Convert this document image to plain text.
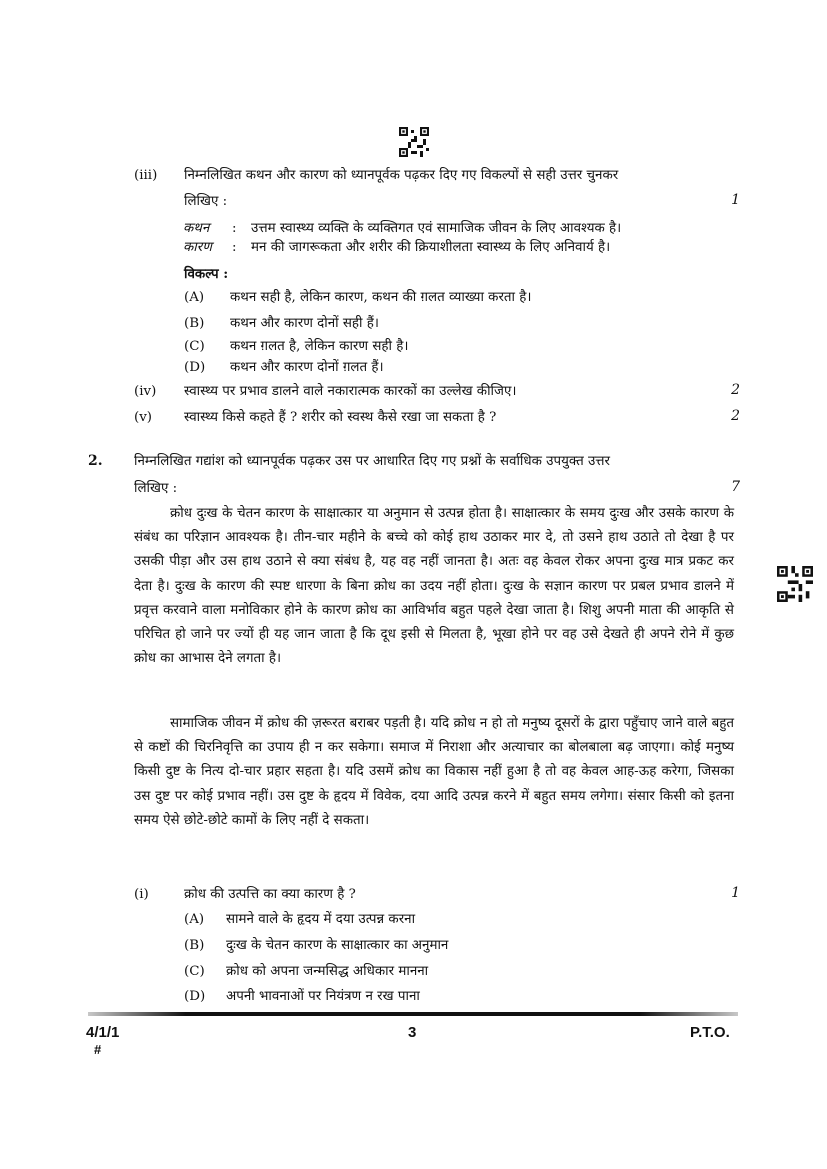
(iii) निम्नलिखित कथन और कारण को ध्यानपूर्वक पढ़कर दिए गए विकल्पों से सही उत्तर चुनकर
लिखिए :	1
कथन : उत्तम स्वास्थ्य व्यक्ति के व्यक्तिगत एवं सामाजिक जीवन के लिए आवश्यक है।
कारण : मन की जागरूकता और शरीर की क्रियाशीलता स्वास्थ्य के लिए अनिवार्य है।
विकल्प :
(A) कथन सही है, लेकिन कारण, कथन की ग़लत व्याख्या करता है।
(B) कथन और कारण दोनों सही हैं।
(C) कथन ग़लत है, लेकिन कारण सही है।
(D) कथन और कारण दोनों ग़लत हैं।
(iv) स्वास्थ्य पर प्रभाव डालने वाले नकारात्मक कारकों का उल्लेख कीजिए।	2
(v) स्वास्थ्य किसे कहते हैं ? शरीर को स्वस्थ कैसे रखा जा सकता है ?	2
2. निम्नलिखित गद्यांश को ध्यानपूर्वक पढ़कर उस पर आधारित दिए गए प्रश्नों के सर्वाधिक उपयुक्त उत्तर
लिखिए :	7

क्रोध दुःख के चेतन कारण के साक्षात्कार या अनुमान से उत्पन्न होता है। साक्षात्कार के समय दुःख और उसके कारण के संबंध का परिज्ञान आवश्यक है। तीन-चार महीने के बच्चे को कोई हाथ उठाकर मार दे, तो उसने हाथ उठाते तो देखा है पर उसकी पीड़ा और उस हाथ उठाने से क्या संबंध है, यह वह नहीं जानता है। अतः वह केवल रोकर अपना दुःख मात्र प्रकट कर देता है। दुःख के कारण की स्पष्ट धारणा के बिना क्रोध का उदय नहीं होता। दुःख के सज्ञान कारण पर प्रबल प्रभाव डालने में प्रवृत्त करवाने वाला मनोविकार होने के कारण क्रोध का आविर्भाव बहुत पहले देखा जाता है। शिशु अपनी माता की आकृति से परिचित हो जाने पर ज्यों ही यह जान जाता है कि दूध इसी से मिलता है, भूखा होने पर वह उसे देखते ही अपने रोने में कुछ क्रोध का आभास देने लगता है।

सामाजिक जीवन में क्रोध की ज़रूरत बराबर पड़ती है। यदि क्रोध न हो तो मनुष्य दूसरों के द्वारा पहुँचाए जाने वाले बहुत से कष्टों की चिरनिवृत्ति का उपाय ही न कर सकेगा। समाज में निराशा और अत्याचार का बोलबाला बढ़ जाएगा। कोई मनुष्य किसी दुष्ट के नित्य दो-चार प्रहार सहता है। यदि उसमें क्रोध का विकास नहीं हुआ है तो वह केवल आह-ऊह करेगा, जिसका उस दुष्ट पर कोई प्रभाव नहीं। उस दुष्ट के हृदय में विवेक, दया आदि उत्पन्न करने में बहुत समय लगेगा। संसार किसी को इतना समय ऐसे छोटे-छोटे कामों के लिए नहीं दे सकता।

(i)	क्रोध की उत्पत्ति का क्या कारण है ?	1
(A) सामने वाले के हृदय में दया उत्पन्न करना
(B) दुःख के चेतन कारण के साक्षात्कार का अनुमान
(C) क्रोध को अपना जन्मसिद्ध अधिकार मानना
(D) अपनी भावनाओं पर नियंत्रण न रख पाना
4/1/1
#
3	P.T.O.
